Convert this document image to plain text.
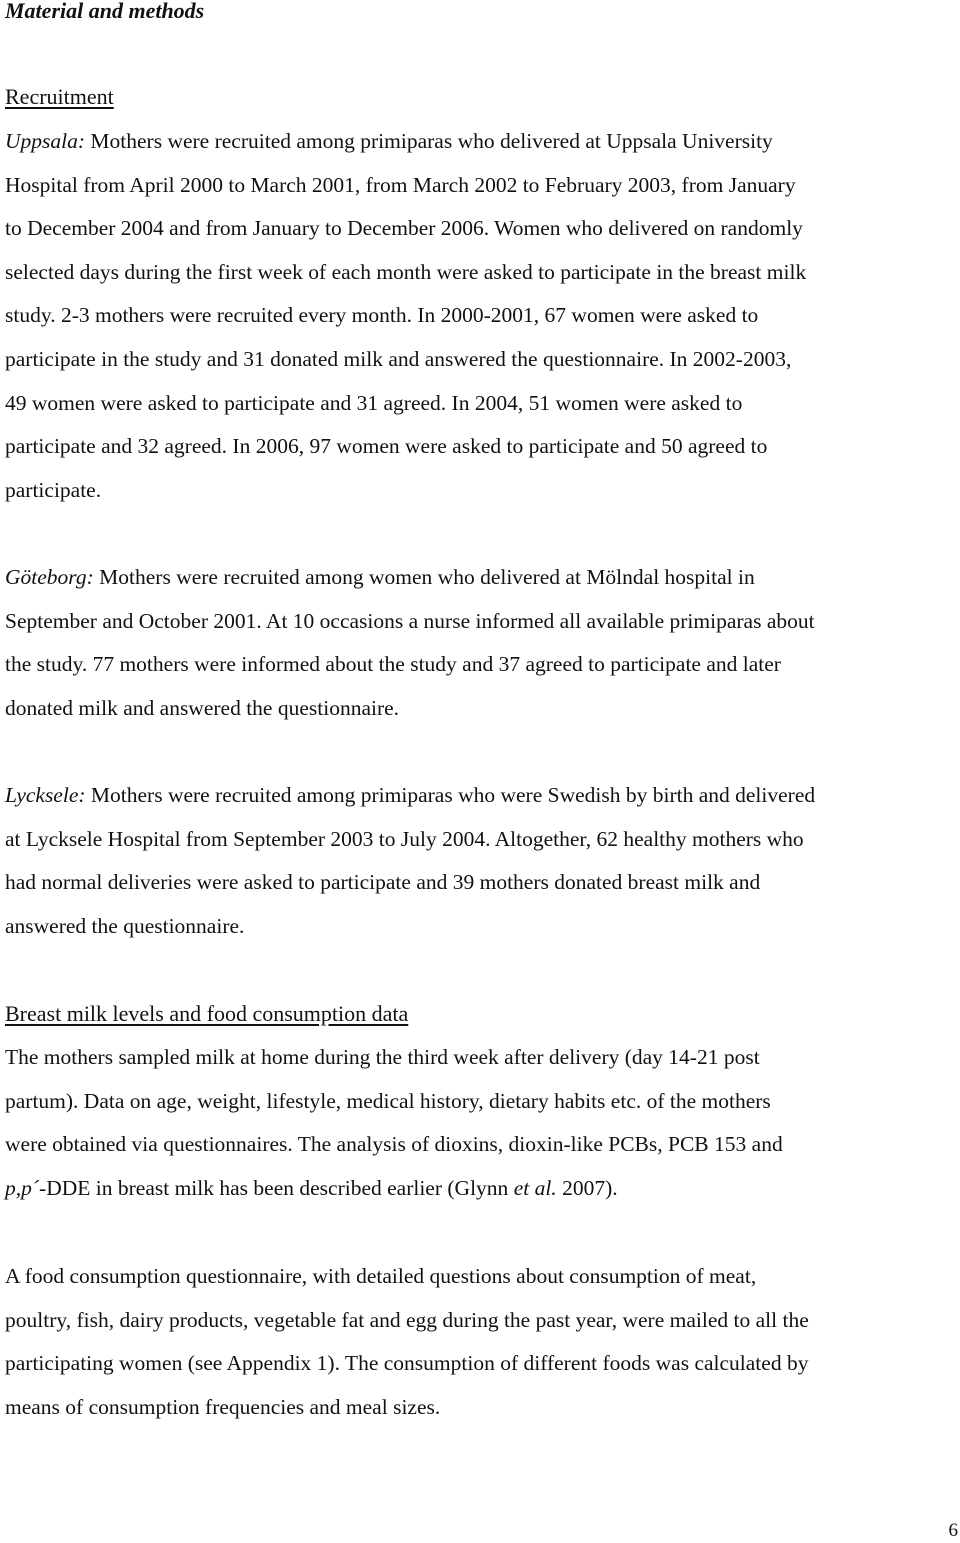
Material and methods
Recruitment

Uppsala: Mothers were recruited among primiparas who delivered at Uppsala University
Hospital from April 2000 to March 2001, from March 2002 to February 2003, from January
to December 2004 and from January to December 2006. Women who delivered on randomly
selected days during the first week of each month were asked to participate in the breast milk
study. 2-3 mothers were recruited every month. In 2000-2001, 67 women were asked to
participate in the study and 31 donated milk and answered the questionnaire. In 2002-2003,
49 women were asked to participate and 31 agreed. In 2004, 51 women were asked to
participate and 32 agreed. In 2006, 97 women were asked to participate and 50 agreed to
participate.

Göteborg: Mothers were recruited among women who delivered at Mölndal hospital in
September and October 2001. At 10 occasions a nurse informed all available primiparas about
the study. 77 mothers were informed about the study and 37 agreed to participate and later
donated milk and answered the questionnaire.

Lycksele: Mothers were recruited among primiparas who were Swedish by birth and delivered
at Lycksele Hospital from September 2003 to July 2004. Altogether, 62 healthy mothers who
had normal deliveries were asked to participate and 39 mothers donated breast milk and
answered the questionnaire.

Breast milk levels and food consumption data

The mothers sampled milk at home during the third week after delivery (day 14-21 post
partum). Data on age, weight, lifestyle, medical history, dietary habits etc. of the mothers
were obtained via questionnaires. The analysis of dioxins, dioxin-like PCBs, PCB 153 and
p,p´-DDE in breast milk has been described earlier (Glynn et al. 2007).

A food consumption questionnaire, with detailed questions about consumption of meat,
poultry, fish, dairy products, vegetable fat and egg during the past year, were mailed to all the
participating women (see Appendix 1). The consumption of different foods was calculated by
means of consumption frequencies and meal sizes.

6
